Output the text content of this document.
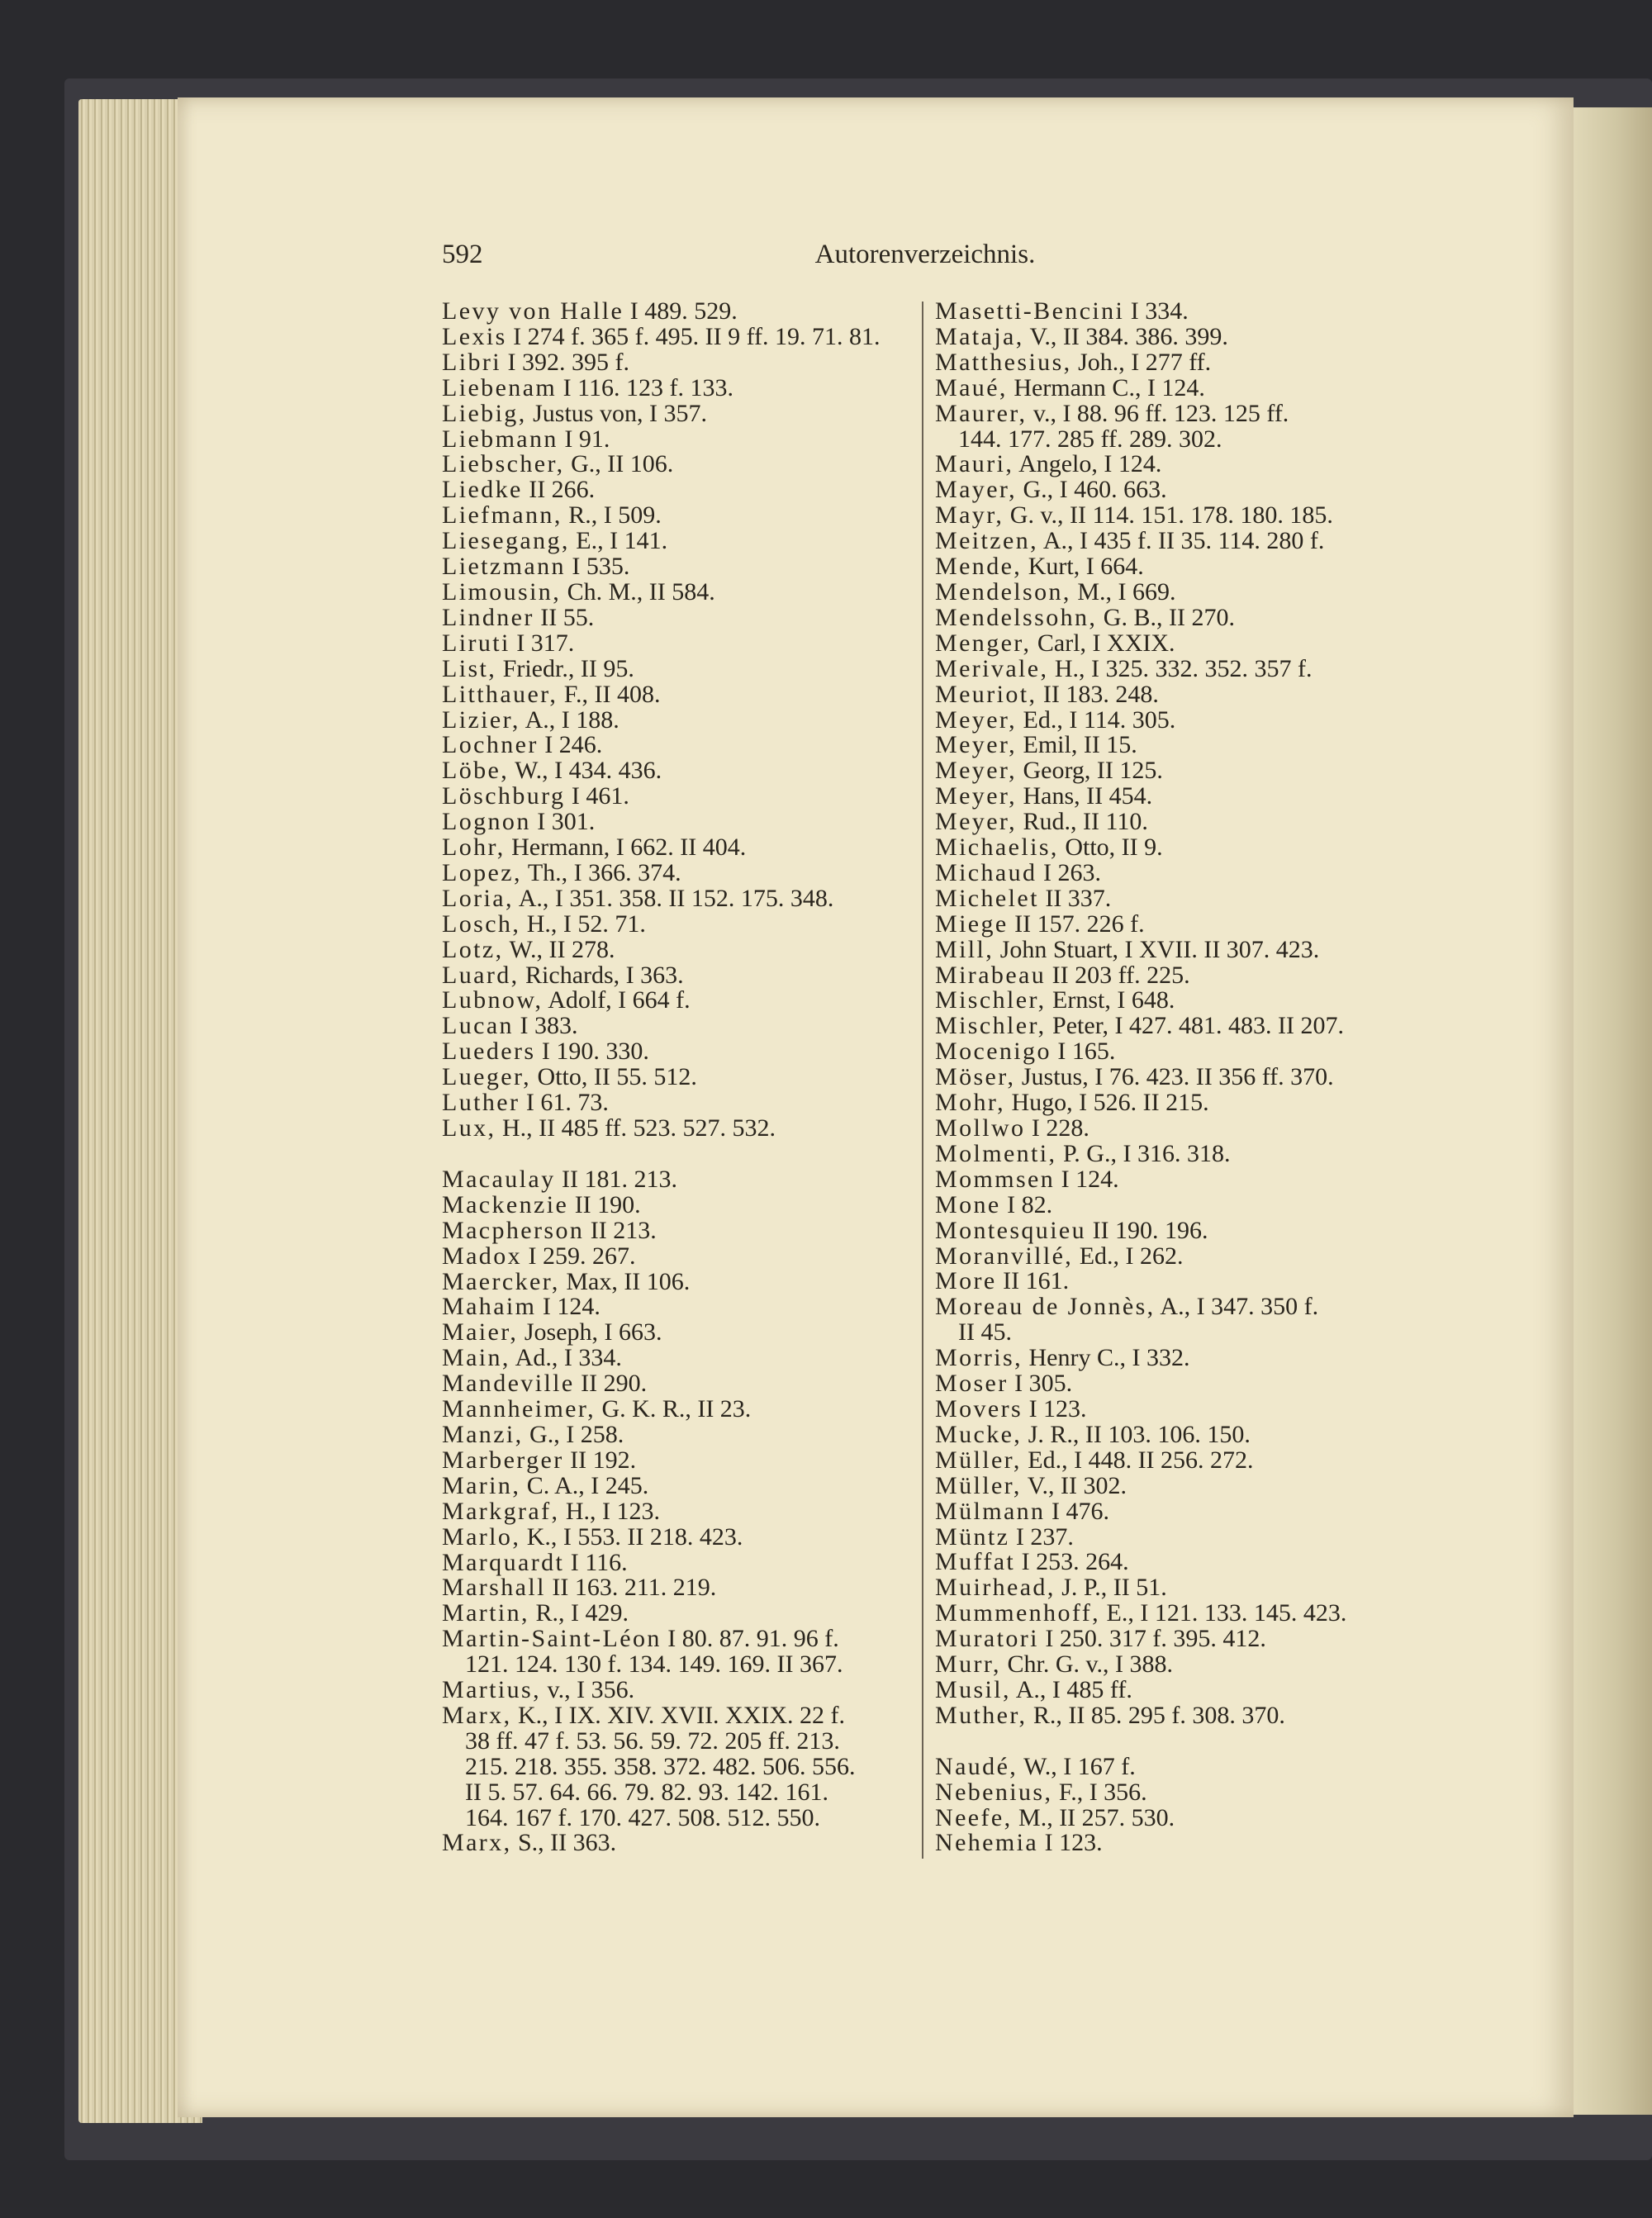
592	Autorenverzeichnis.
Levy von Halle I 489. 529.
Lexis I 274 f. 365 f. 495. II 9 ff. 19. 71. 81.
Libri I 392. 395 f.
Liebenam I 116. 123 f. 133.
Liebig, Justus von, I 357.
Liebmann I 91.
Liebscher, G., II 106.
Liedke II 266.
Liefmann, R., I 509.
Liesegang, E., I 141.
Lietzmann I 535.
Limousin, Ch. M., II 584.
Lindner II 55.
Liruti I 317.
List, Friedr., II 95.
Litthauer, F., II 408.
Lizier, A., I 188.
Lochner I 246.
Löbe, W., I 434. 436.
Löschburg I 461.
Lognon I 301.
Lohr, Hermann, I 662. II 404.
Lopez, Th., I 366. 374.
Loria, A., I 351. 358. II 152. 175. 348.
Losch, H., I 52. 71.
Lotz, W., II 278.
Luard, Richards, I 363.
Lubnow, Adolf, I 664 f.
Lucan I 383.
Lueders I 190. 330.
Lueger, Otto, II 55. 512.
Luther I 61. 73.
Lux, H., II 485 ff. 523. 527. 532.
Macaulay II 181. 213.
Mackenzie II 190.
Macpherson II 213.
Madox I 259. 267.
Maercker, Max, II 106.
Mahaim I 124.
Maier, Joseph, I 663.
Main, Ad., I 334.
Mandeville II 290.
Mannheimer, G. K. R., II 23.
Manzi, G., I 258.
Marberger II 192.
Marin, C. A., I 245.
Markgraf, H., I 123.
Marlo, K., I 553. II 218. 423.
Marquardt I 116.
Marshall II 163. 211. 219.
Martin, R., I 429.
Martin-Saint-Léon I 80. 87. 91. 96 f.
121. 124. 130 f. 134. 149. 169. II 367.
Martius, v., I 356.
Marx, K., I IX. XIV. XVII. XXIX. 22 f.
38 ff. 47 f. 53. 56. 59. 72. 205 ff. 213.
215. 218. 355. 358. 372. 482. 506. 556.
II 5. 57. 64. 66. 79. 82. 93. 142. 161.
164. 167 f. 170. 427. 508. 512. 550.
Marx, S., II 363.
Masetti-Bencini I 334.
Mataja, V., II 384. 386. 399.
Matthesius, Joh., I 277 ff.
Maué, Hermann C., I 124.
Maurer, v., I 88. 96 ff. 123. 125 ff.
144. 177. 285 ff. 289. 302.
Mauri, Angelo, I 124.
Mayer, G., I 460. 663.
Mayr, G. v., II 114. 151. 178. 180. 185.
Meitzen, A., I 435 f. II 35. 114. 280 f.
Mende, Kurt, I 664.
Mendelson, M., I 669.
Mendelssohn, G. B., II 270.
Menger, Carl, I XXIX.
Merivale, H., I 325. 332. 352. 357 f.
Meuriot, II 183. 248.
Meyer, Ed., I 114. 305.
Meyer, Emil, II 15.
Meyer, Georg, II 125.
Meyer, Hans, II 454.
Meyer, Rud., II 110.
Michaelis, Otto, II 9.
Michaud I 263.
Michelet II 337.
Miege II 157. 226 f.
Mill, John Stuart, I XVII. II 307. 423.
Mirabeau II 203 ff. 225.
Mischler, Ernst, I 648.
Mischler, Peter, I 427. 481. 483. II 207.
Mocenigo I 165.
Möser, Justus, I 76. 423. II 356 ff. 370.
Mohr, Hugo, I 526. II 215.
Mollwo I 228.
Molmenti, P. G., I 316. 318.
Mommsen I 124.
Mone I 82.
Montesquieu II 190. 196.
Moranvillé, Ed., I 262.
More II 161.
Moreau de Jonnès, A., I 347. 350 f.
II 45.
Morris, Henry C., I 332.
Moser I 305.
Movers I 123.
Mucke, J. R., II 103. 106. 150.
Müller, Ed., I 448. II 256. 272.
Müller, V., II 302.
Mülmann I 476.
Müntz I 237.
Muffat I 253. 264.
Muirhead, J. P., II 51.
Mummenhoff, E., I 121. 133. 145. 423.
Muratori I 250. 317 f. 395. 412.
Murr, Chr. G. v., I 388.
Musil, A., I 485 ff.
Muther, R., II 85. 295 f. 308. 370.
Naudé, W., I 167 f.
Nebenius, F., I 356.
Neefe, M., II 257. 530.
Nehemia I 123.
